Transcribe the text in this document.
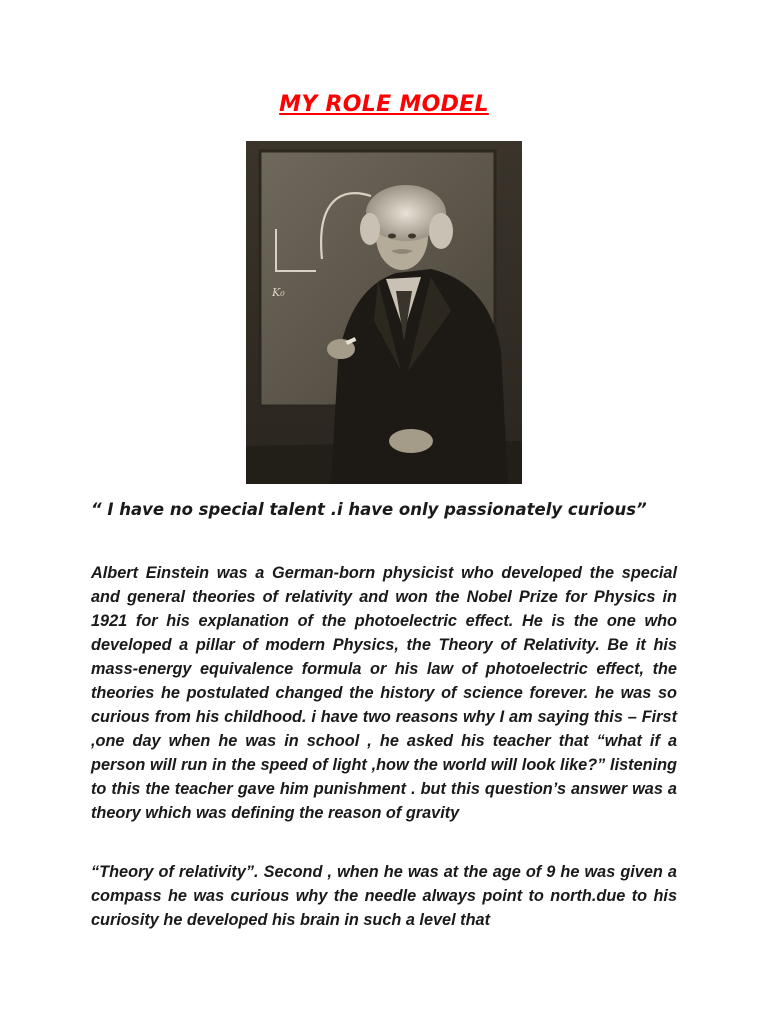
MY ROLE MODEL
K₀
“ I have no special talent .i have only passionately curious”
Albert Einstein was a German-born physicist who developed the special and general theories of relativity and won the Nobel Prize for Physics in 1921 for his explanation of the photoelectric effect. He is the one who developed a pillar of modern Physics, the Theory of Relativity. Be it his mass-energy equivalence formula or his law of photoelectric effect, the theories he postulated changed the history of science forever. he was so curious from his childhood. i have two reasons why I am saying this – First ,one day when he was in school , he asked his teacher that “what if a person will run in the speed of light ,how the world will look like?” listening to this the teacher gave him punishment . but this question’s answer was a theory which was defining the reason of gravity
“Theory of relativity”. Second , when he was at the age of 9 he was given a compass he was curious why the needle always point to north.due to his curiosity he developed his brain in such a level that
